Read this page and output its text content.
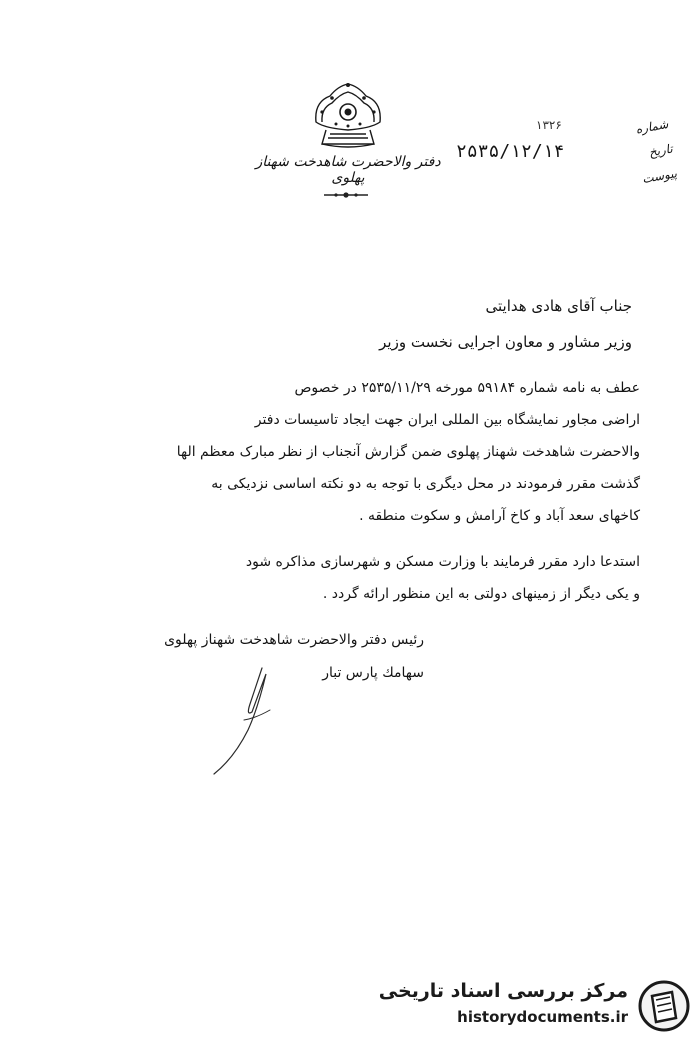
دفتر والاحضرت شاهدخت شهناز پهلوی
۱۳۲۶
۲۵۳۵/۱۲/۱۴
شماره
تاریخ
پیوست
جناب آقای هادی هدایتی
وزیر مشاور و معاون اجرایی نخست وزیر

عطف به نامه شماره ۵۹۱۸۴ مورخه ۲۵۳۵/۱۱/۲۹ در خصوص

اراضی مجاور نمایشگاه بین المللی ایران جهت ایجاد تاسیسات دفتر

والاحضرت شاهدخت شهناز پهلوی ضمن گزارش آنجناب از نظر مبارک معظم الها

گذشت مقرر فرمودند در محل دیگری با توجه به دو نکته اساسی نزدیکی به

کاخهای سعد آباد و کاخ آرامش و سکوت منطقه .

استدعا دارد مقرر فرمایند با وزارت مسکن و شهرسازی مذاکره شود

و یکی دیگر از زمینهای دولتی به این منظور ارائه گردد .

رئیس دفتر والاحضرت شاهدخت شهناز پهلوی
سهامك پارس تبار
مرکز بررسی اسناد تاریخی
historydocuments.ir
